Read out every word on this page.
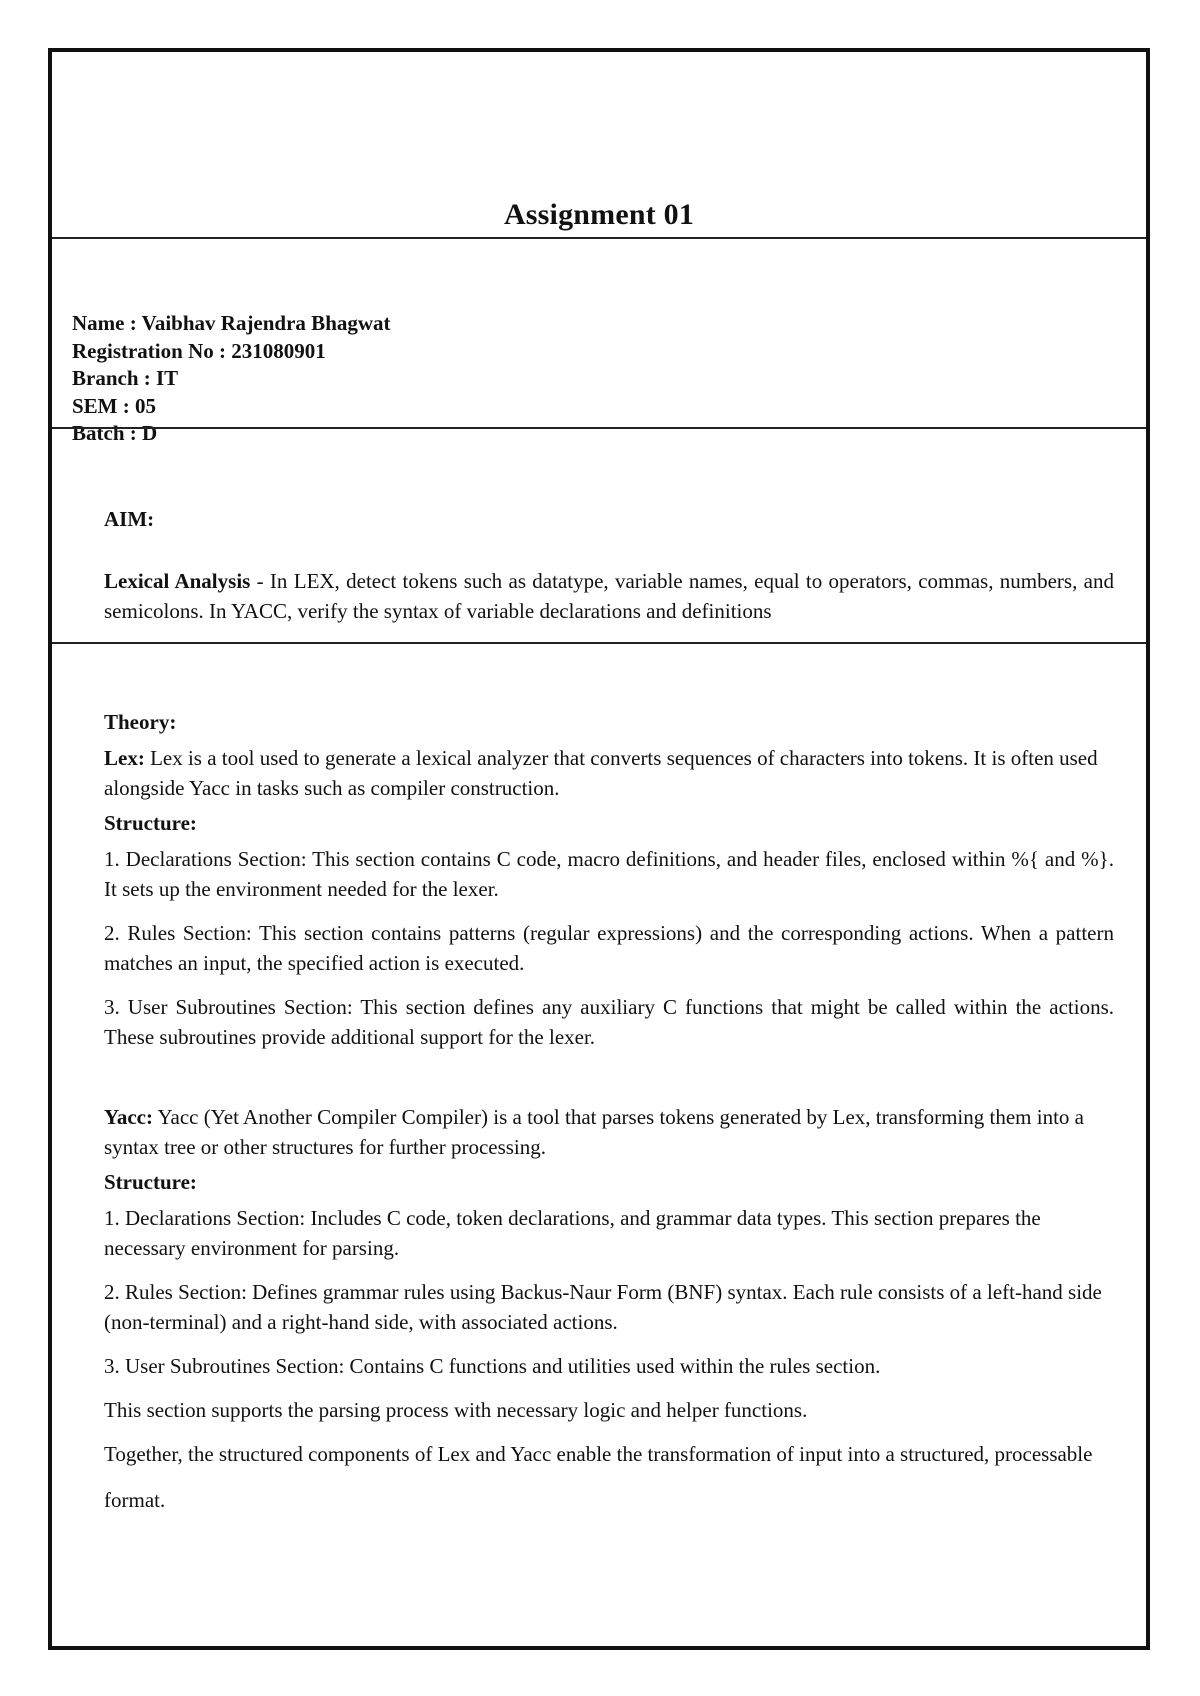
Assignment 01
Name : Vaibhav Rajendra Bhagwat
Registration No : 231080901
Branch : IT
SEM : 05
Batch : D
AIM:
Lexical Analysis - In LEX, detect tokens such as datatype, variable names, equal to operators, commas, numbers, and semicolons. In YACC, verify the syntax of variable declarations and definitions

Theory:

Lex: Lex is a tool used to generate a lexical analyzer that converts sequences of characters into tokens. It is often used alongside Yacc in tasks such as compiler construction.

Structure:

1. Declarations Section: This section contains C code, macro definitions, and header files, enclosed within %{ and %}. It sets up the environment needed for the lexer.

2. Rules Section: This section contains patterns (regular expressions) and the corresponding actions. When a pattern matches an input, the specified action is executed.

3. User Subroutines Section: This section defines any auxiliary C functions that might be called within the actions. These subroutines provide additional support for the lexer.

Yacc: Yacc (Yet Another Compiler Compiler) is a tool that parses tokens generated by Lex, transforming them into a syntax tree or other structures for further processing.

Structure:

1. Declarations Section: Includes C code, token declarations, and grammar data types. This section prepares the necessary environment for parsing.

2. Rules Section: Defines grammar rules using Backus-Naur Form (BNF) syntax. Each rule consists of a left-hand side (non-terminal) and a right-hand side, with associated actions.

3. User Subroutines Section: Contains C functions and utilities used within the rules section.

This section supports the parsing process with necessary logic and helper functions.

Together, the structured components of Lex and Yacc enable the transformation of input into a structured, processable format.
